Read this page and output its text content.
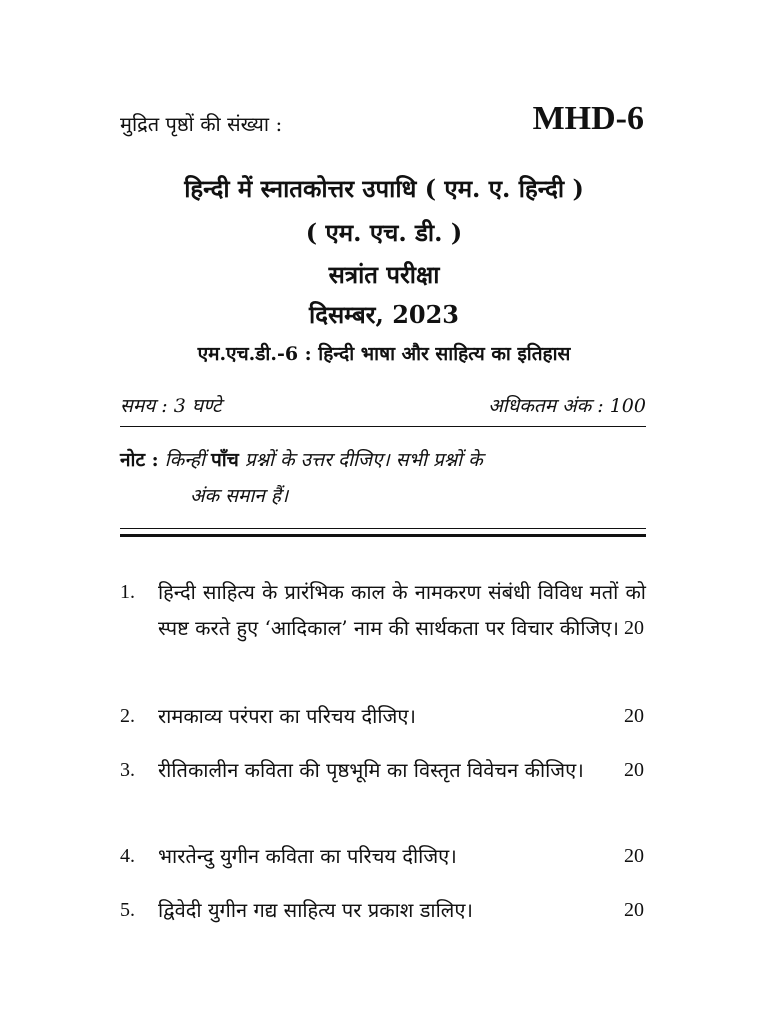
मुद्रित पृष्ठों की संख्या :	MHD-6
हिन्दी में स्नातकोत्तर उपाधि ( एम. ए. हिन्दी )
( एम. एच. डी. )
सत्रांत परीक्षा
दिसम्बर, 2023
एम.एच.डी.-6 : हिन्दी भाषा और साहित्य का इतिहास
समय : 3 घण्टे	अधिकतम अंक : 100
नोट : किन्हीं पाँच प्रश्नों के उत्तर दीजिए। सभी प्रश्नों के
अंक समान हैं।
1. हिन्दी साहित्य के प्रारंभिक काल के नामकरण संबंधी विविध मतों को स्पष्ट करते हुए ‘आदिकाल’ नाम की सार्थकता पर विचार कीजिए। 20
2. रामकाव्य परंपरा का परिचय दीजिए।	20
3. रीतिकालीन कविता की पृष्ठभूमि का विस्तृत विवेचन कीजिए।	20
4. भारतेन्दु युगीन कविता का परिचय दीजिए।	20
5. द्विवेदी युगीन गद्य साहित्य पर प्रकाश डालिए।	20
